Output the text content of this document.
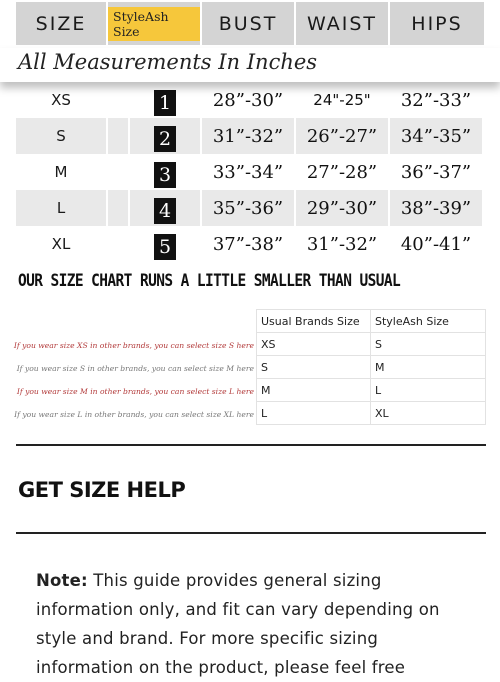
SIZE	StyleAsh Size	BUST	WAIST	HIPS
All Measurements In Inches
XS	1	28”-30”	24"-25"	32”-33”
S	2	31”-32”	26”-27”	34”-35”
M	3	33”-34”	27”-28”	36”-37”
L	4	35”-36”	29”-30”	38”-39”
XL	5	37”-38”	31”-32”	40”-41”
OUR SIZE CHART RUNS A LITTLE SMALLER THAN USUAL
If you wear size XS in other brands, you can select size S here
If you wear size S in other brands, you can select size M here
If you wear size M in other brands, you can select size L here
If you wear size L in other brands, you can select size XL here
Usual Brands Size	StyleAsh Size
XS	S
S	M
M	L
L	XL
GET SIZE HELP
Note: This guide provides general sizing information only, and fit can vary depending on style and brand. For more specific sizing information on the product, please feel free
